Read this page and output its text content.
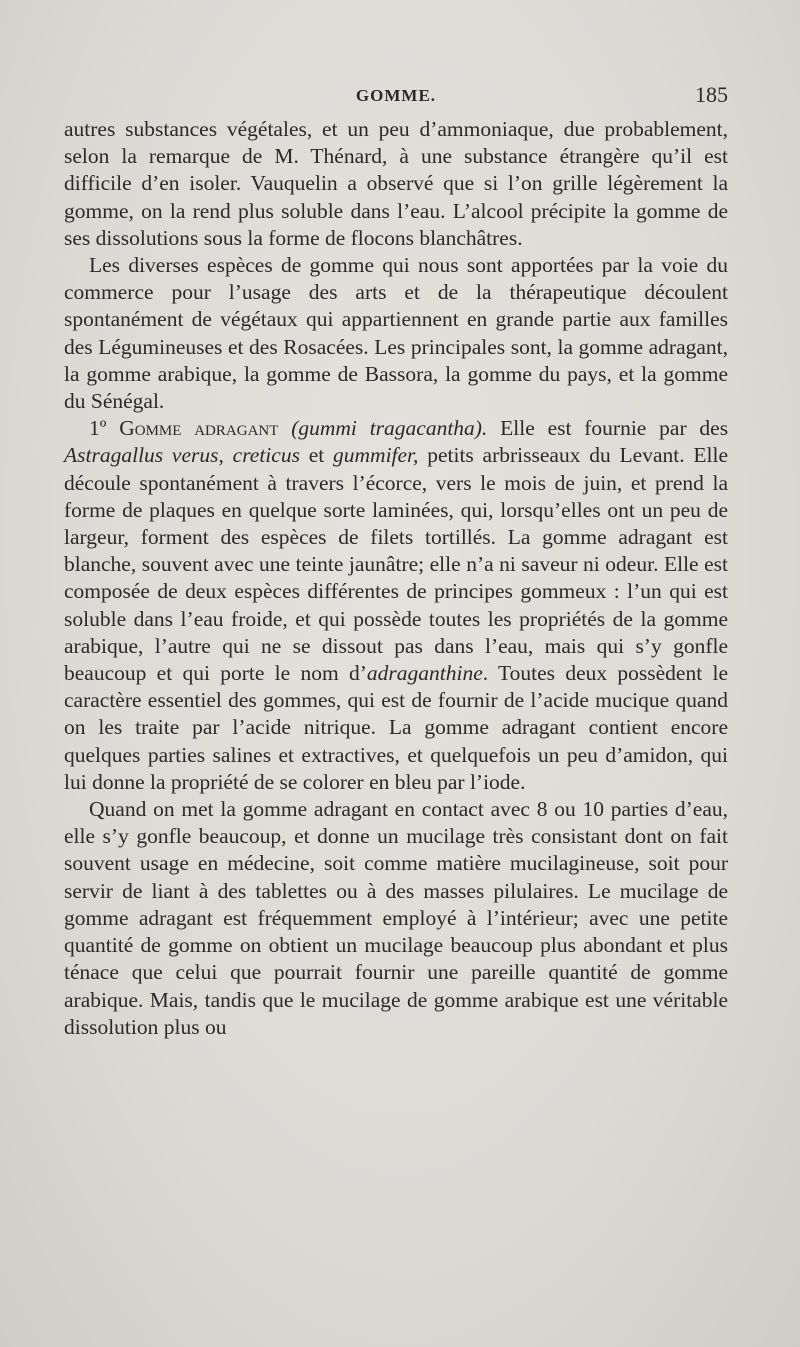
GOMME.	185

autres substances végétales, et un peu d’ammoniaque, due probablement, selon la remarque de M. Thénard, à une substance étrangère qu’il est difficile d’en isoler. Vauquelin a observé que si l’on grille légèrement la gomme, on la rend plus soluble dans l’eau. L’alcool précipite la gomme de ses dissolutions sous la forme de flocons blanchâtres.

Les diverses espèces de gomme qui nous sont apportées par la voie du commerce pour l’usage des arts et de la thérapeutique découlent spontanément de végétaux qui appartiennent en grande partie aux familles des Légumineuses et des Rosacées. Les principales sont, la gomme adragant, la gomme arabique, la gomme de Bassora, la gomme du pays, et la gomme du Sénégal.

1º Gomme adragant (gummi tragacantha). Elle est fournie par des Astragallus verus, creticus et gummifer, petits arbrisseaux du Levant. Elle découle spontanément à travers l’écorce, vers le mois de juin, et prend la forme de plaques en quelque sorte laminées, qui, lorsqu’elles ont un peu de largeur, forment des espèces de filets tortillés. La gomme adragant est blanche, souvent avec une teinte jaunâtre; elle n’a ni saveur ni odeur. Elle est composée de deux espèces différentes de principes gommeux : l’un qui est soluble dans l’eau froide, et qui possède toutes les propriétés de la gomme arabique, l’autre qui ne se dissout pas dans l’eau, mais qui s’y gonfle beaucoup et qui porte le nom d’adraganthine. Toutes deux possèdent le caractère essentiel des gommes, qui est de fournir de l’acide mucique quand on les traite par l’acide nitrique. La gomme adragant contient encore quelques parties salines et extractives, et quelquefois un peu d’amidon, qui lui donne la propriété de se colorer en bleu par l’iode.

Quand on met la gomme adragant en contact avec 8 ou 10 parties d’eau, elle s’y gonfle beaucoup, et donne un mucilage très consistant dont on fait souvent usage en médecine, soit comme matière mucilagineuse, soit pour servir de liant à des tablettes ou à des masses pilulaires. Le mucilage de gomme adragant est fréquemment employé à l’intérieur; avec une petite quantité de gomme on obtient un mucilage beaucoup plus abondant et plus ténace que celui que pourrait fournir une pareille quantité de gomme arabique. Mais, tandis que le mucilage de gomme arabique est une véritable dissolution plus ou
